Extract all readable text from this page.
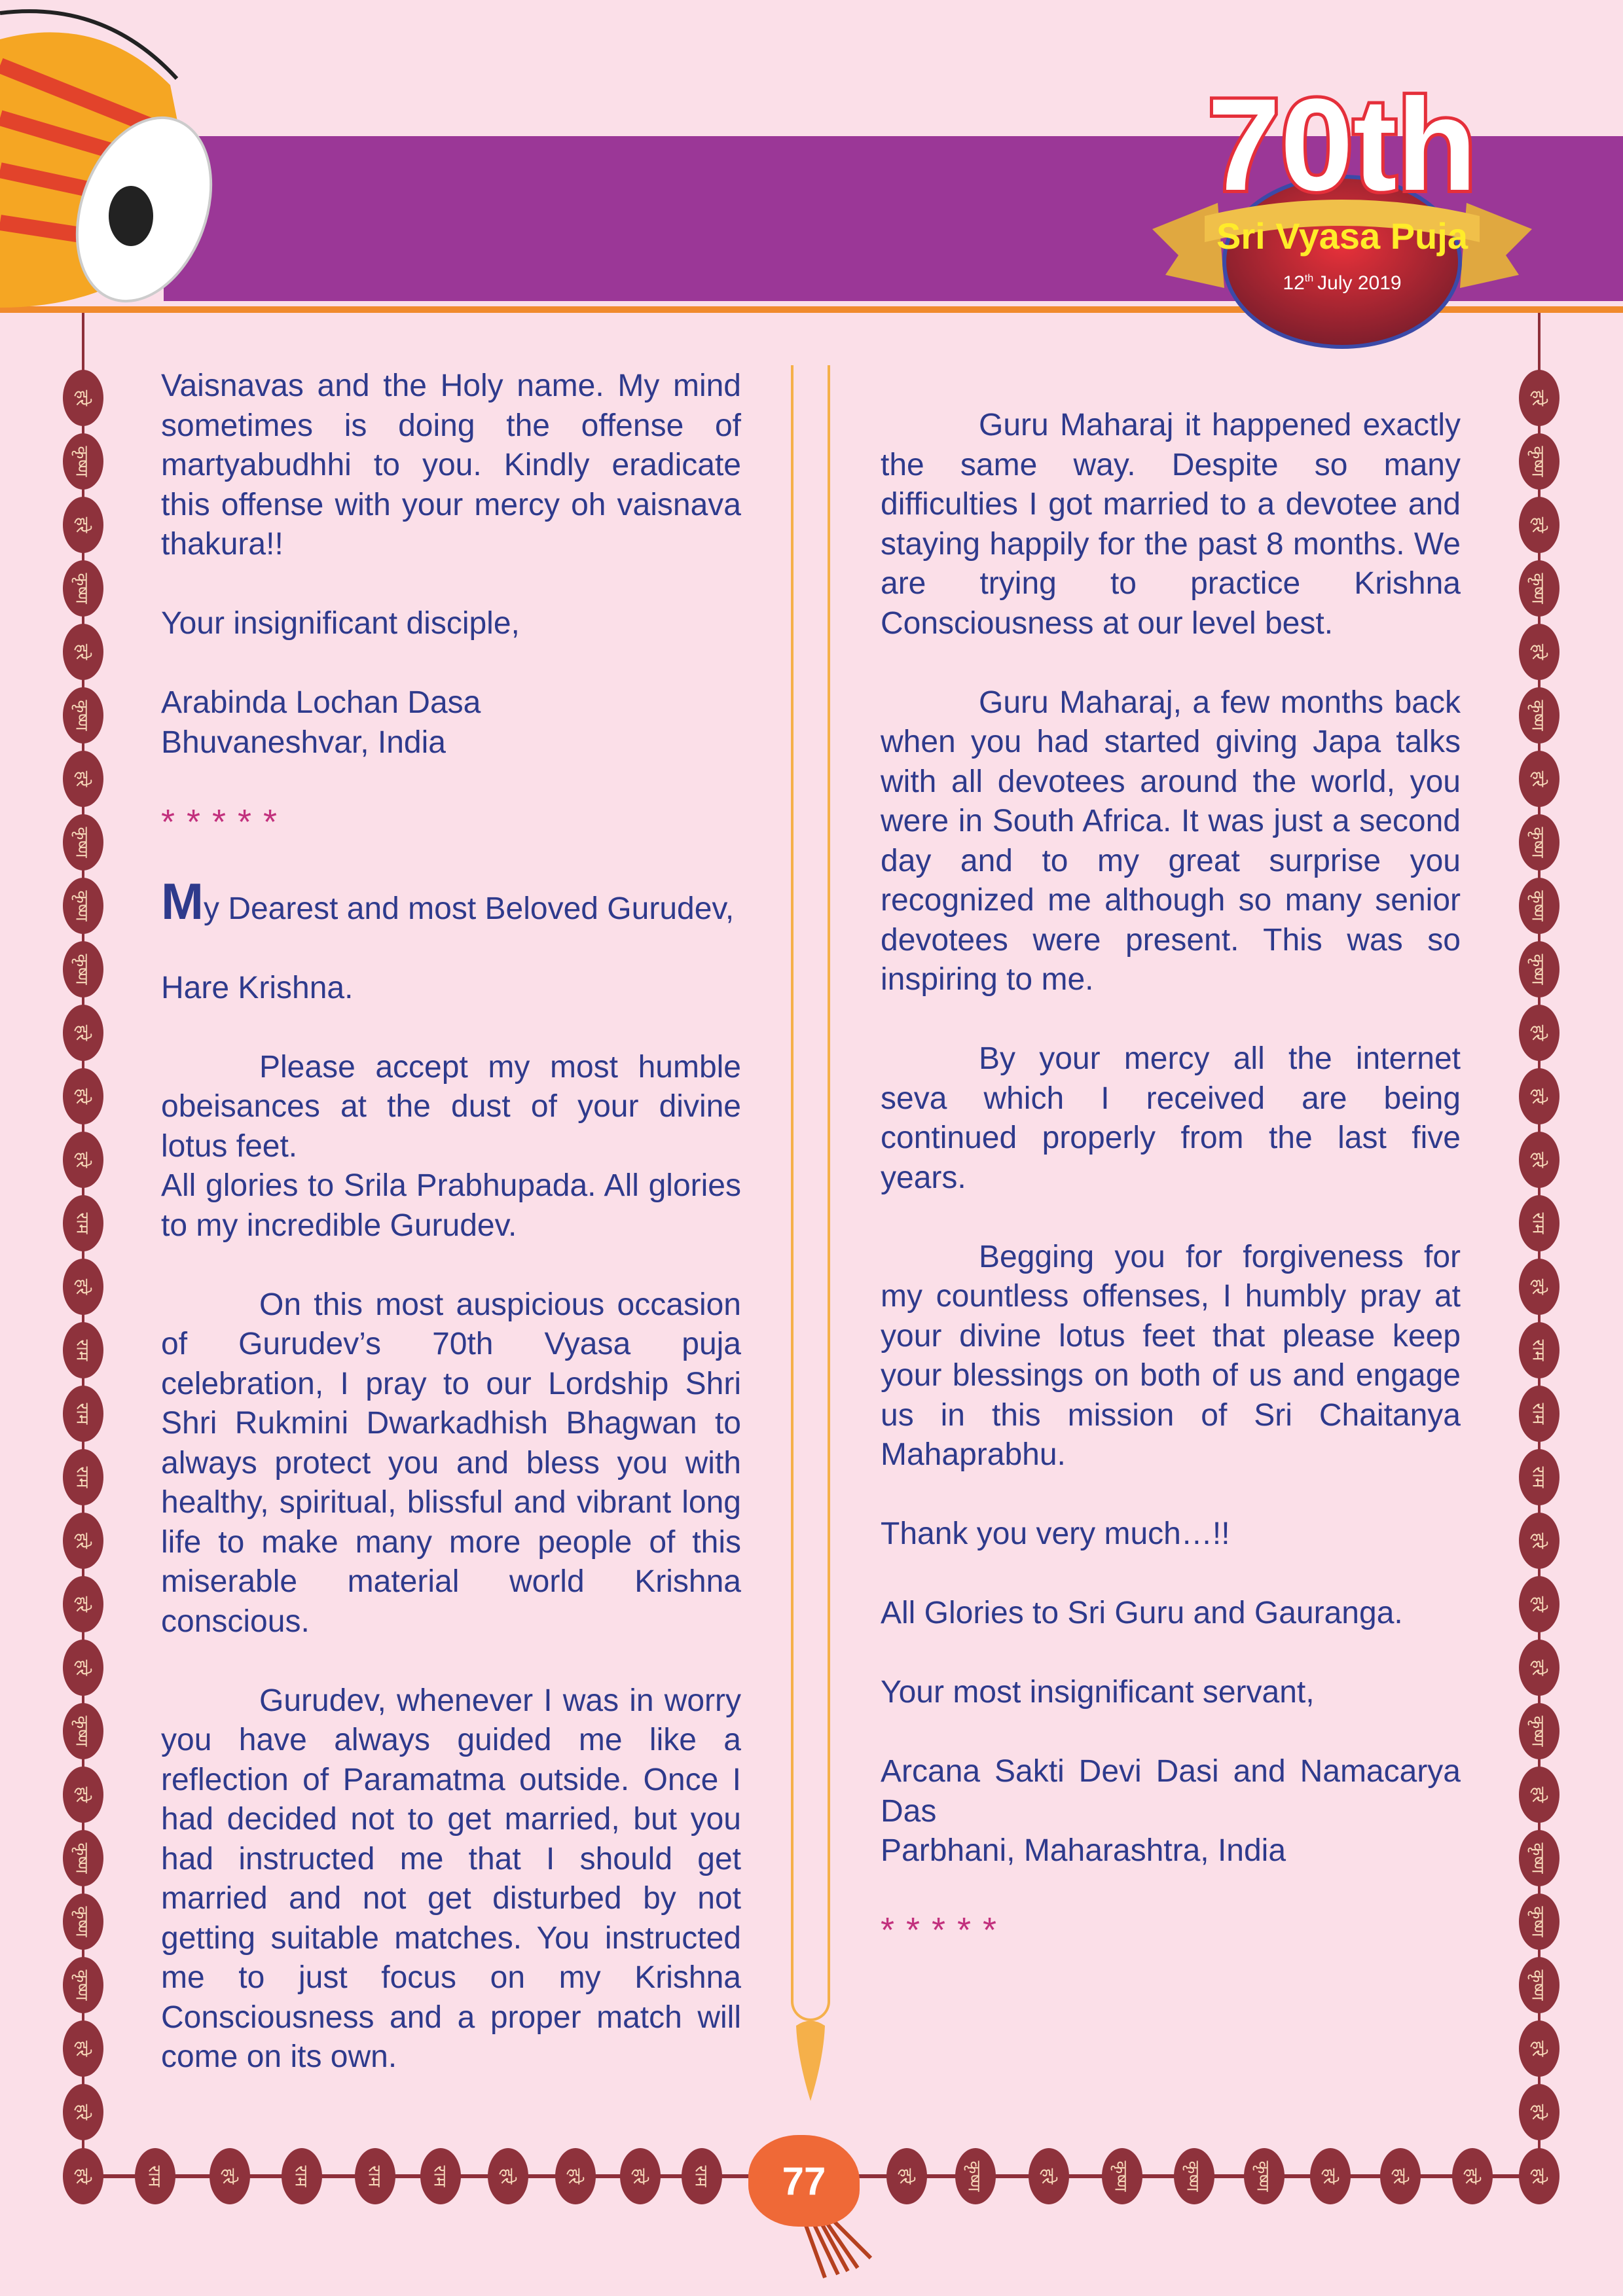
70th
Sri Vyasa Puja
12th July 2019
हरे
कृष्ण
हरे
कृष्ण
हरे
कृष्ण
हरे
कृष्ण
कृष्ण
कृष्ण
हरे
हरे
हरे
राम
हरे
राम
राम
राम
हरे
हरे
हरे
कृष्ण
हरे
कृष्ण
कृष्ण
कृष्ण
हरे
हरे
हरे
कृष्ण
हरे
कृष्ण
हरे
कृष्ण
हरे
कृष्ण
कृष्ण
कृष्ण
हरे
हरे
हरे
राम
हरे
राम
राम
राम
हरे
हरे
हरे
कृष्ण
हरे
कृष्ण
कृष्ण
कृष्ण
हरे
हरे
हरे	राम	हरे	राम	राम	राम	हरे	हरे	हरे राम	हरे	कृष्ण	हरे	कृष्ण	कृष्ण	कृष्ण	हरे	हरे	हरे	हरे

Vaisnavas and the Holy name. My mind sometimes is doing the offense of martyabudhhi to you. Kindly eradicate this offense with your mercy oh vaisnava thakura!!

Your insignificant disciple,

Arabinda Lochan Dasa

Bhuvaneshvar, India

*****

My Dearest and most Beloved Gurudev,

Hare Krishna.

Please accept my most humble obeisances at the dust of your divine lotus feet.

All glories to Srila Prabhupada. All glories to my incredible Gurudev.

On this most auspicious occasion of Gurudev’s 70th Vyasa puja celebration, I pray to our Lordship Shri Shri Rukmini Dwarkadhish Bhagwan to always protect you and bless you with healthy, spiritual, blissful and vibrant long life to make many more people of this miserable material world Krishna conscious.

Gurudev, whenever I was in worry you have always guided me like a reflection of Paramatma outside. Once I had decided not to get married, but you had instructed me that I should get married and not get disturbed by not getting suitable matches. You instructed me to just focus on my Krishna Consciousness and a proper match will come on its own.

Guru Maharaj it happened exactly the same way. Despite so many difficulties I got married to a devotee and staying happily for the past 8 months. We are trying to practice Krishna Consciousness at our level best.

Guru Maharaj, a few months back when you had started giving Japa talks with all devotees around the world, you were in South Africa. It was just a second day and to my great surprise you recognized me although so many senior devotees were present. This was so inspiring to me.

By your mercy all the internet seva which I received are being continued properly from the last five years.

Begging you for forgiveness for my countless offenses, I humbly pray at your divine lotus feet that please keep your blessings on both of us and engage us in this mission of Sri Chaitanya Mahaprabhu.

Thank you very much…!!

All Glories to Sri Guru and Gauranga.

Your most insignificant servant,

Arcana Sakti Devi Dasi and Namacarya Das

Parbhani, Maharashtra, India

*****

77
